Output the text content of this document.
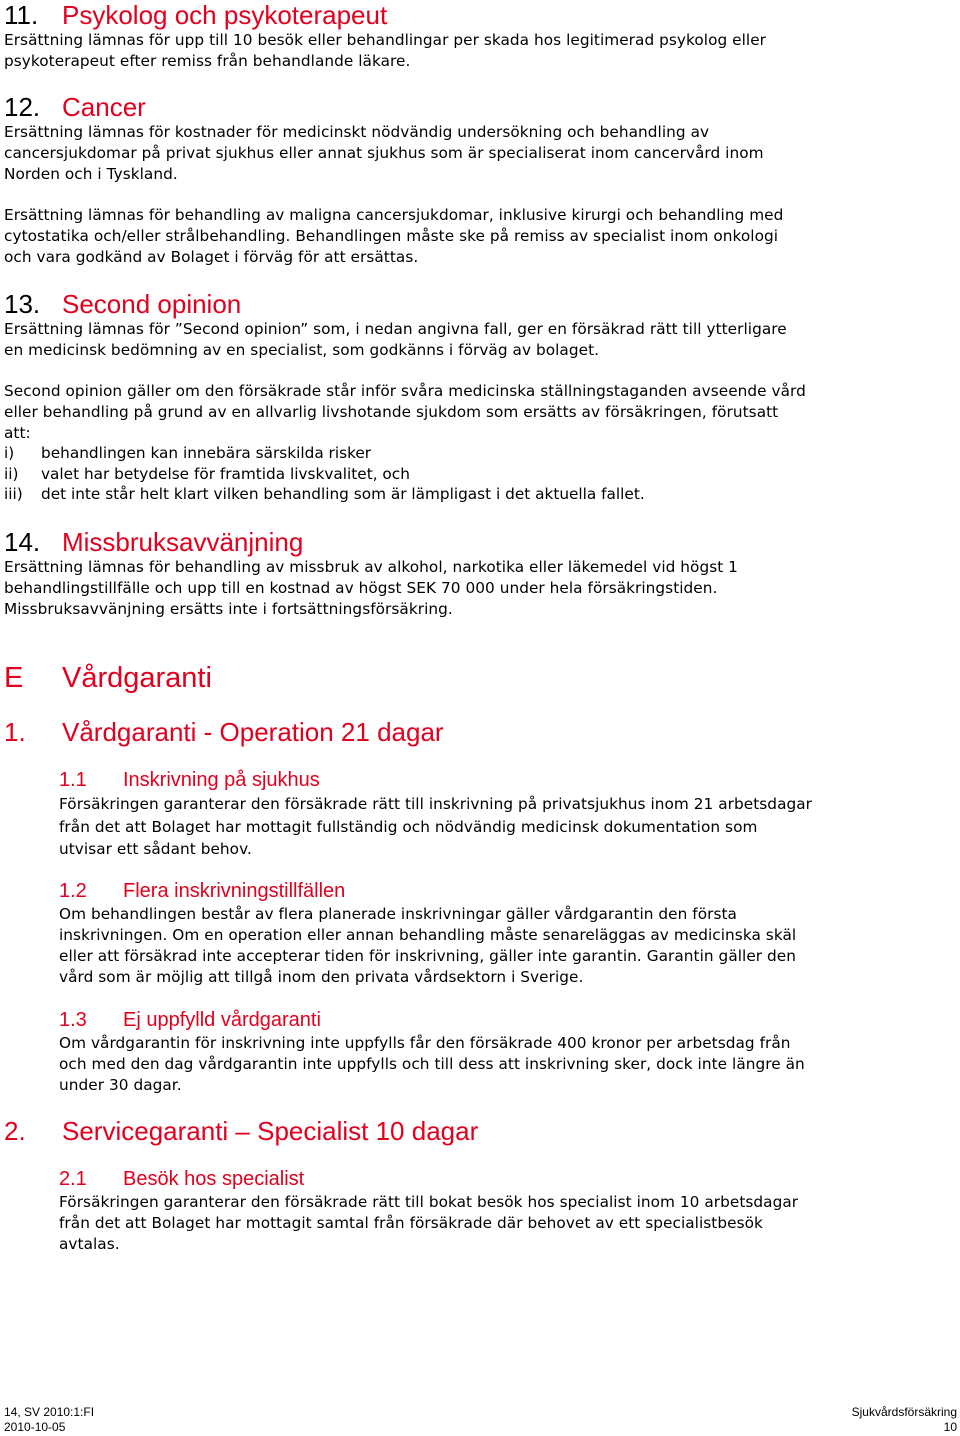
11. Psykolog och psykoterapeut
Ersättning lämnas för upp till 10 besök eller behandlingar per skada hos legitimerad psykolog eller
psykoterapeut efter remiss från behandlande läkare.
12. Cancer
Ersättning lämnas för kostnader för medicinskt nödvändig undersökning och behandling av
cancersjukdomar på privat sjukhus eller annat sjukhus som är specialiserat inom cancervård inom
Norden och i Tyskland.
Ersättning lämnas för behandling av maligna cancersjukdomar, inklusive kirurgi och behandling med
cytostatika och/eller strålbehandling. Behandlingen måste ske på remiss av specialist inom onkologi
och vara godkänd av Bolaget i förväg för att ersättas.
13. Second opinion
Ersättning lämnas för ”Second opinion” som, i nedan angivna fall, ger en försäkrad rätt till ytterligare
en medicinsk bedömning av en specialist, som godkänns i förväg av bolaget.
Second opinion gäller om den försäkrade står inför svåra medicinska ställningstaganden avseende vård
eller behandling på grund av en allvarlig livshotande sjukdom som ersätts av försäkringen, förutsatt
att:
i) behandlingen kan innebära särskilda risker
ii) valet har betydelse för framtida livskvalitet, och
iii) det inte står helt klart vilken behandling som är lämpligast i det aktuella fallet.
14. Missbruksavvänjning
Ersättning lämnas för behandling av missbruk av alkohol, narkotika eller läkemedel vid högst 1
behandlingstillfälle och upp till en kostnad av högst SEK 70 000 under hela försäkringstiden.
Missbruksavvänjning ersätts inte i fortsättningsförsäkring.
E Vårdgaranti
1. Vårdgaranti - Operation 21 dagar
1.1 Inskrivning på sjukhus
Försäkringen garanterar den försäkrade rätt till inskrivning på privatsjukhus inom 21 arbetsdagar
från det att Bolaget har mottagit fullständig och nödvändig medicinsk dokumentation som
utvisar ett sådant behov.
1.2 Flera inskrivningstillfällen
Om behandlingen består av flera planerade inskrivningar gäller vårdgarantin den första
inskrivningen. Om en operation eller annan behandling måste senareläggas av medicinska skäl
eller att försäkrad inte accepterar tiden för inskrivning, gäller inte garantin. Garantin gäller den
vård som är möjlig att tillgå inom den privata vårdsektorn i Sverige.
1.3 Ej uppfylld vårdgaranti
Om vårdgarantin för inskrivning inte uppfylls får den försäkrade 400 kronor per arbetsdag från
och med den dag vårdgarantin inte uppfylls och till dess att inskrivning sker, dock inte längre än
under 30 dagar.
2. Servicegaranti – Specialist 10 dagar
2.1 Besök hos specialist
Försäkringen garanterar den försäkrade rätt till bokat besök hos specialist inom 10 arbetsdagar
från det att Bolaget har mottagit samtal från försäkrade där behovet av ett specialistbesök
avtalas.
14, SV 2010:1:FI
2010-10-05
Sjukvårdsförsäkring
10
